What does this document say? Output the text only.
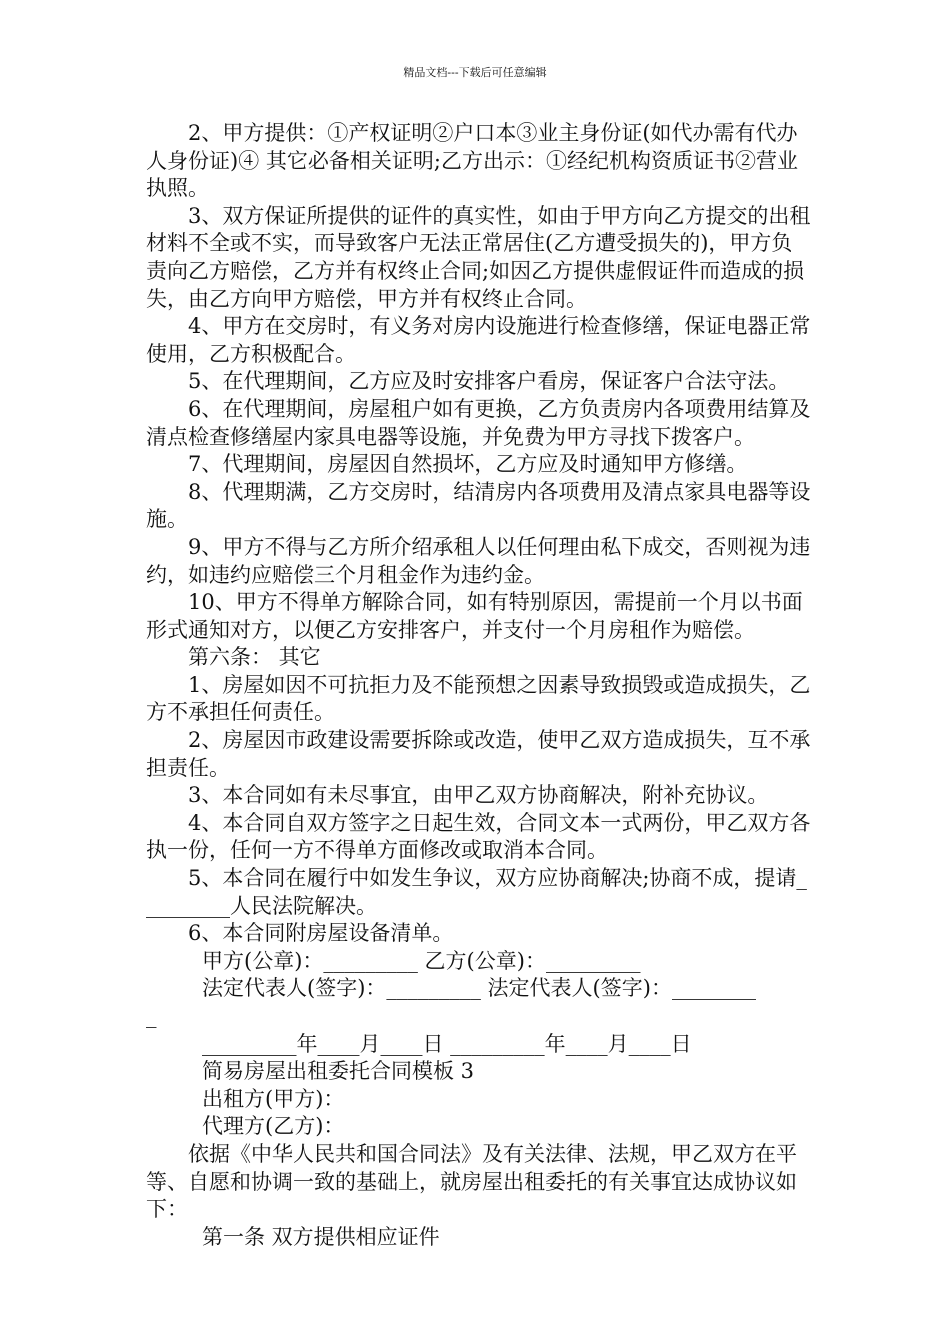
精品文档---下载后可任意编辑

2、甲方提供：①产权证明②户口本③业主身份证(如代办需有代办人身份证)④ 其它必备相关证明;乙方出示：①经纪机构资质证书②营业执照。

3、双方保证所提供的证件的真实性，如由于甲方向乙方提交的出租材料不全或不实，而导致客户无法正常居住(乙方遭受损失的)，甲方负责向乙方赔偿，乙方并有权终止合同;如因乙方提供虚假证件而造成的损失，由乙方向甲方赔偿，甲方并有权终止合同。

4、甲方在交房时，有义务对房内设施进行检查修缮，保证电器正常使用，乙方积极配合。

5、在代理期间，乙方应及时安排客户看房，保证客户合法守法。

6、在代理期间，房屋租户如有更换，乙方负责房内各项费用结算及清点检查修缮屋内家具电器等设施，并免费为甲方寻找下拨客户。

7、代理期间，房屋因自然损坏，乙方应及时通知甲方修缮。

8、代理期满，乙方交房时，结清房内各项费用及清点家具电器等设施。

9、甲方不得与乙方所介绍承租人以任何理由私下成交，否则视为违约，如违约应赔偿三个月租金作为违约金。

10、甲方不得单方解除合同，如有特别原因，需提前一个月以书面形式通知对方，以便乙方安排客户，并支付一个月房租作为赔偿。

第六条： 其它

1、房屋如因不可抗拒力及不能预想之因素导致损毁或造成损失，乙方不承担任何责任。

2、房屋因市政建设需要拆除或改造，使甲乙双方造成损失，互不承担责任。

3、本合同如有未尽事宜，由甲乙双方协商解决，附补充协议。

4、本合同自双方签字之日起生效，合同文本一式两份，甲乙双方各执一份，任何一方不得单方面修改或取消本合同。

5、本合同在履行中如发生争议，双方应协商解决;协商不成，提请_________人民法院解决。

6、本合同附房屋设备清单。

甲方(公章)：_________ 乙方(公章)：_________

法定代表人(签字)：_________ 法定代表人(签字)：________

_

_________年____月____日 _________年____月____日

简易房屋出租委托合同模板 3

出租方(甲方)：

代理方(乙方)：

依据《中华人民共和国合同法》及有关法律、法规，甲乙双方在平等、自愿和协调一致的基础上，就房屋出租委托的有关事宜达成协议如下：

第一条 双方提供相应证件
